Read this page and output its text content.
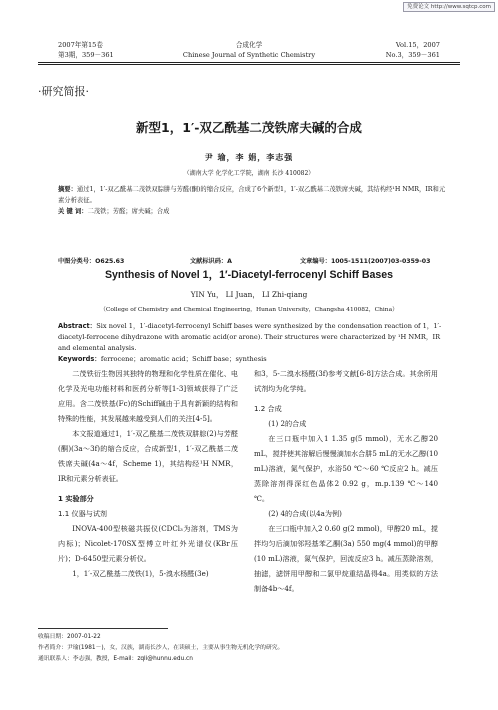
免费论文 http://www.sqtcp.com
2007年第15卷
第3期，359－361
合成化学
Chinese Journal of Synthetic Chemistry
Vol.15，2007
No.3，359－361
·研究简报·
新型1，1′-双乙酰基二茂铁席夫碱的合成
尹 瑜，李 娟，李志强
（湖南大学 化学化工学院，湖南 长沙 410082）

摘要：通过1，1′-双乙酰基二茂铁双腙肼与芳醛(酮)的缩合反应，合成了6个新型1，1′-双乙酰基二茂铁席夫碱，其结构经¹H NMR，IR和元素分析表征。

关 键 词：二茂铁；芳醛；席夫碱；合成

中图分类号：O625.63	文献标识码：A	文章编号：1005-1511(2007)03-0359-03
Synthesis of Novel 1，1′-Diacetyl-ferrocenyl Schiff Bases
YIN Yu， LI Juan， LI Zhi-qiang
（College of Chemistry and Chemical Engineering，Hunan University，Changsha 410082，China）

Abstract：Six novel 1，1′-diacetyl-ferrocenyl Schiff bases were synthesized by the condensation reaction of 1，1′-diacetyl-ferrocene dihydrazone with aromatic acid(or arone). Their structures were characterized by ¹H NMR，IR and elemental analysis.

Keywords：ferrocene；aromatic acid；Schiff base；synthesis

二茂铁衍生物因其独特的物理和化学性质在催化、电化学及光电功能材料和医药分析等[1-3]领域获得了广泛应用。含二茂铁基(Fc)的Schiff碱由于具有新颖的结构和特殊的性能，其发展越来越受到人们的关注[4-5]。

本文报道通过1，1′-双乙酰基二茂铁双肼腙(2)与芳醛(酮)(3a～3f)的缩合反应，合成新型1，1′-双乙酰基二茂铁席夫碱(4a～4f，Scheme 1)，其结构经¹H NMR，IR和元素分析表征。

1 实验部分

1.1 仪器与试剂

INOVA-400型核磁共振仪(CDCl₃为溶剂，TMS为内标)；Nicolet-170SX型傅立叶红外光谱仪(KBr压片)；D-6450型元素分析仪。

1，1′-双乙酰基二茂铁(1)，5-溴水杨醛(3e)

和3，5-二溴水杨醛(3f)参考文献[6-8]方法合成。其余所用试剂均为化学纯。

1.2 合成

(1) 2的合成

在三口瓶中加入1 1.35 g(5 mmol)，无水乙醇20 mL，搅拌使其溶解后慢慢滴加水合肼5 mL的无水乙醇(10 mL)溶液，氮气保护，水浴50 ℃～60 ℃反应2 h。减压蒸除溶剂得深红色晶体2 0.92 g，m.p.139 ℃～140 ℃。

(2) 4的合成(以4a为例)

在三口瓶中加入2 0.60 g(2 mmol)，甲醇20 mL，搅拌均匀后滴加邻羟基苯乙酮(3a) 550 mg(4 mmol)的甲醇(10 mL)溶液，氮气保护，回流反应3 h。减压蒸除溶剂，抽滤，滤饼用甲醇和二氯甲烷重结晶得4a。用类似的方法制备4b～4f。

收稿日期：2007-01-22

作者简介：尹瑜(1981－)，女，汉族，湖南长沙人，在读硕士，主要从事生物无机化学的研究。

通讯联系人：李志强，教授，E-mail：zqli@hunnu.edu.cn
